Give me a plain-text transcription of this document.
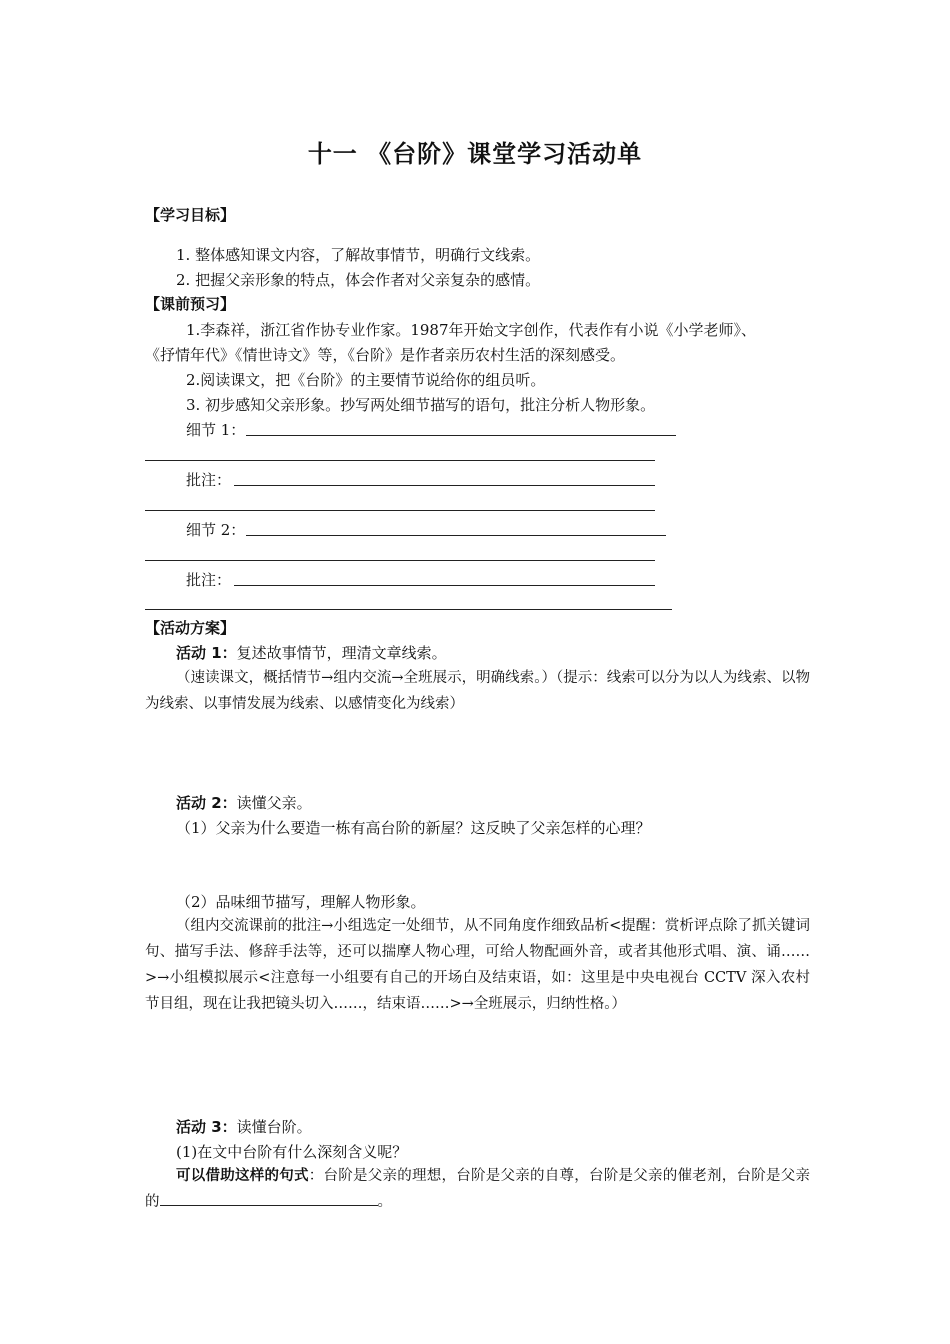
十一 《台阶》课堂学习活动单
【学习目标】
1. 整体感知课文内容，了解故事情节，明确行文线索。
2. 把握父亲形象的特点，体会作者对父亲复杂的感情。
【课前预习】
1.李森祥，浙江省作协专业作家。1987年开始文字创作，代表作有小说《小学老师》、
《抒情年代》《情世诗文》等，《台阶》是作者亲历农村生活的深刻感受。
2.阅读课文，把《台阶》的主要情节说给你的组员听。
3. 初步感知父亲形象。抄写两处细节描写的语句，批注分析人物形象。
细节 1：
批注：
细节 2：
批注：
【活动方案】
活动 1：复述故事情节，理清文章线索。
（速读课文，概括情节→组内交流→全班展示，明确线索。）（提示：线索可以分为以人为线索、以物为线索、以事情发展为线索、以感情变化为线索）
活动 2：读懂父亲。
（1）父亲为什么要造一栋有高台阶的新屋？这反映了父亲怎样的心理？
（2）品味细节描写，理解人物形象。
（组内交流课前的批注→小组选定一处细节，从不同角度作细致品析<提醒：赏析评点除了抓关键词句、描写手法、修辞手法等，还可以揣摩人物心理，可给人物配画外音，或者其他形式唱、演、诵……>→小组模拟展示<注意每一小组要有自己的开场白及结束语，如：这里是中央电视台 CCTV 深入农村节目组，现在让我把镜头切入……，结束语……>→全班展示，归纳性格。）
活动 3：读懂台阶。
(1)在文中台阶有什么深刻含义呢？
可以借助这样的句式：台阶是父亲的理想，台阶是父亲的自尊，台阶是父亲的催老剂，台阶是父亲的	。
